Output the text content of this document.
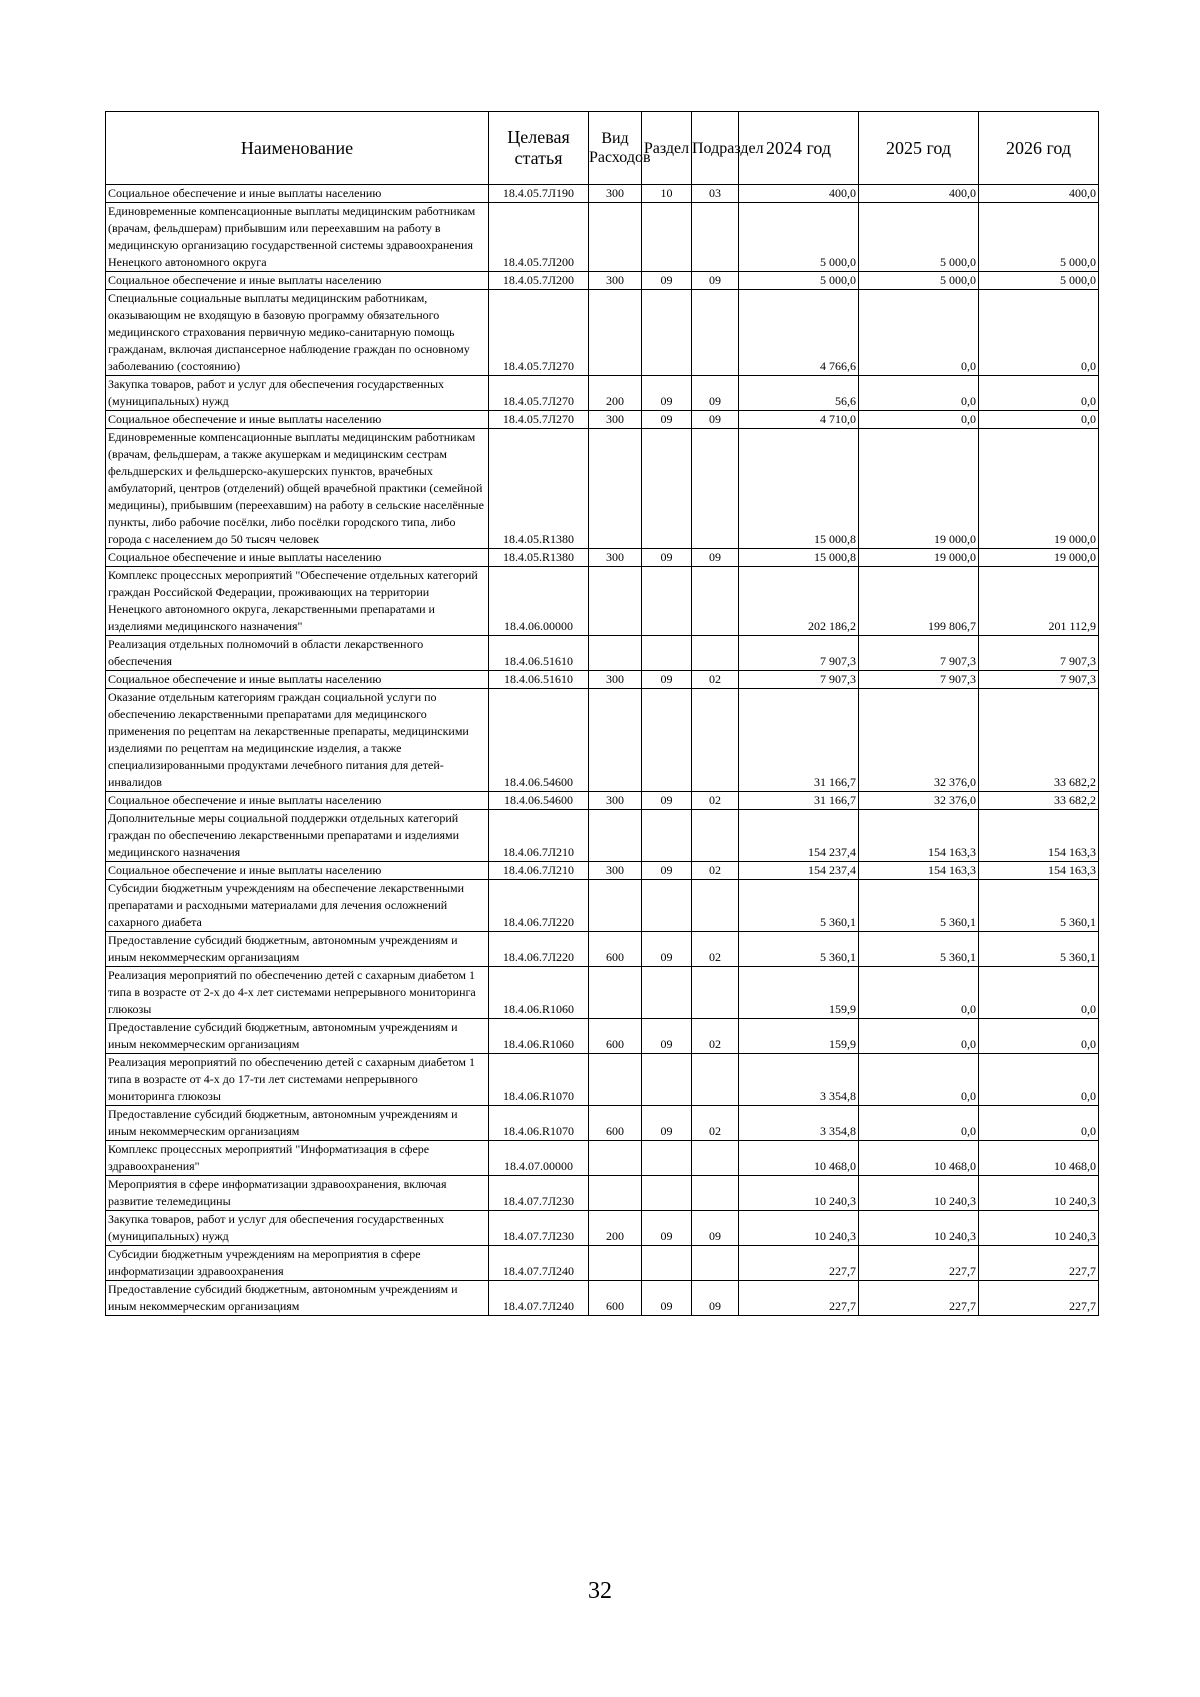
Наименование	Целевая статья	Вид Расходов	Раздел	Подраздел	2024 год	2025 год	2026 год
Социальное обеспечение и иные выплаты населению	18.4.05.7Л190	300	10	03	400,0	400,0	400,0
Единовременные компенсационные выплаты медицинским работникам (врачам, фельдшерам) прибывшим или переехавшим на работу в медицинскую организацию государственной системы здравоохранения Ненецкого автономного округа	18.4.05.7Л200				5 000,0	5 000,0	5 000,0
Социальное обеспечение и иные выплаты населению	18.4.05.7Л200	300	09	09	5 000,0	5 000,0	5 000,0
Специальные социальные выплаты медицинским работникам, оказывающим не входящую в базовую программу обязательного медицинского страхования первичную медико-санитарную помощь гражданам, включая диспансерное наблюдение граждан по основному заболеванию (состоянию)	18.4.05.7Л270				4 766,6	0,0	0,0
Закупка товаров, работ и услуг для обеспечения государственных (муниципальных) нужд	18.4.05.7Л270	200	09	09	56,6	0,0	0,0
Социальное обеспечение и иные выплаты населению	18.4.05.7Л270	300	09	09	4 710,0	0,0	0,0
Единовременные компенсационные выплаты медицинским работникам (врачам, фельдшерам, а также акушеркам и медицинским сестрам фельдшерских и фельдшерско-акушерских пунктов, врачебных амбулаторий, центров (отделений) общей врачебной практики (семейной медицины), прибывшим (переехавшим) на работу в сельские населённые пункты, либо рабочие посёлки, либо посёлки городского типа, либо города с населением до 50 тысяч человек	18.4.05.R1380				15 000,8	19 000,0	19 000,0
Социальное обеспечение и иные выплаты населению	18.4.05.R1380	300	09	09	15 000,8	19 000,0	19 000,0
Комплекс процессных мероприятий "Обеспечение отдельных категорий граждан Российской Федерации, проживающих на территории Ненецкого автономного округа, лекарственными препаратами и изделиями медицинского назначения"	18.4.06.00000				202 186,2	199 806,7	201 112,9
Реализация отдельных полномочий в области лекарственного обеспечения	18.4.06.51610				7 907,3	7 907,3	7 907,3
Социальное обеспечение и иные выплаты населению	18.4.06.51610	300	09	02	7 907,3	7 907,3	7 907,3
Оказание отдельным категориям граждан социальной услуги по обеспечению лекарственными препаратами для медицинского применения по рецептам на лекарственные препараты, медицинскими изделиями по рецептам на медицинские изделия, а также специализированными продуктами лечебного питания для детей-инвалидов	18.4.06.54600				31 166,7	32 376,0	33 682,2
Социальное обеспечение и иные выплаты населению	18.4.06.54600	300	09	02	31 166,7	32 376,0	33 682,2
Дополнительные меры социальной поддержки отдельных категорий граждан по обеспечению лекарственными препаратами и изделиями медицинского назначения	18.4.06.7Л210				154 237,4	154 163,3	154 163,3
Социальное обеспечение и иные выплаты населению	18.4.06.7Л210	300	09	02	154 237,4	154 163,3	154 163,3
Субсидии бюджетным учреждениям на обеспечение лекарственными препаратами и расходными материалами для лечения осложнений сахарного диабета	18.4.06.7Л220				5 360,1	5 360,1	5 360,1
Предоставление субсидий бюджетным, автономным учреждениям и иным некоммерческим организациям	18.4.06.7Л220	600	09	02	5 360,1	5 360,1	5 360,1
Реализация мероприятий по обеспечению детей с сахарным диабетом 1 типа в возрасте от 2-х до 4-х лет системами непрерывного мониторинга глюкозы	18.4.06.R1060				159,9	0,0	0,0
Предоставление субсидий бюджетным, автономным учреждениям и иным некоммерческим организациям	18.4.06.R1060	600	09	02	159,9	0,0	0,0
Реализация мероприятий по обеспечению детей с сахарным диабетом 1 типа в возрасте от 4-х до 17-ти лет системами непрерывного мониторинга глюкозы	18.4.06.R1070				3 354,8	0,0	0,0
Предоставление субсидий бюджетным, автономным учреждениям и иным некоммерческим организациям	18.4.06.R1070	600	09	02	3 354,8	0,0	0,0
Комплекс процессных мероприятий "Информатизация в сфере здравоохранения"	18.4.07.00000				10 468,0	10 468,0	10 468,0
Мероприятия в сфере информатизации здравоохранения, включая развитие телемедицины	18.4.07.7Л230				10 240,3	10 240,3	10 240,3
Закупка товаров, работ и услуг для обеспечения государственных (муниципальных) нужд	18.4.07.7Л230	200	09	09	10 240,3	10 240,3	10 240,3
Субсидии бюджетным учреждениям на мероприятия в сфере информатизации здравоохранения	18.4.07.7Л240				227,7	227,7	227,7
Предоставление субсидий бюджетным, автономным учреждениям и иным некоммерческим организациям	18.4.07.7Л240	600	09	09	227,7	227,7	227,7
32
